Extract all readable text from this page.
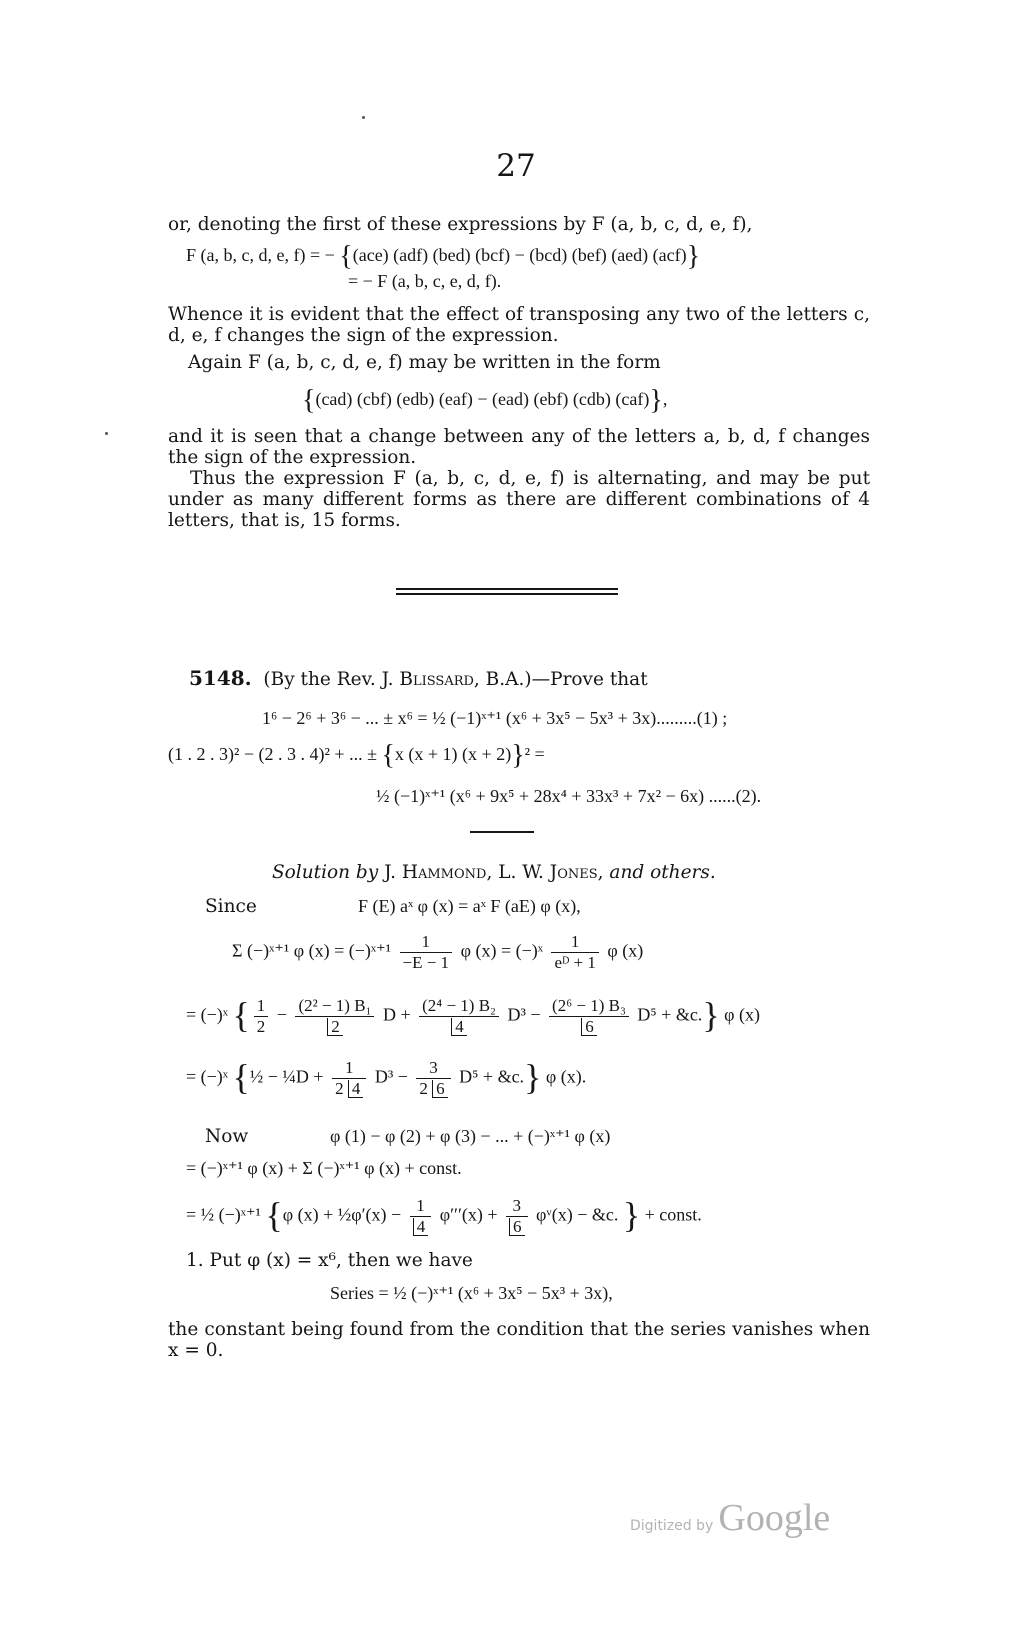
27
or, denoting the first of these expressions by F (a, b, c, d, e, f),
F (a, b, c, d, e, f) = − {(ace) (adf) (bed) (bcf) − (bcd) (bef) (aed) (acf)}
= − F (a, b, c, e, d, f).
Whence it is evident that the effect of transposing any two of the letters c, d, e, f changes the sign of the expression.
Again F (a, b, c, d, e, f) may be written in the form
{(cad) (cbf) (edb) (eaf) − (ead) (ebf) (cdb) (caf)},
and it is seen that a change between any of the letters a, b, d, f changes the sign of the expression.
Thus the expression F (a, b, c, d, e, f) is alternating, and may be put under as many different forms as there are different combinations of 4 letters, that is, 15 forms.
5148. (By the Rev. J. Blissard, B.A.)—Prove that
1⁶ − 2⁶ + 3⁶ − ... ± x⁶ = ½ (−1)ˣ⁺¹ (x⁶ + 3x⁵ − 5x³ + 3x).........(1) ;
(1 . 2 . 3)² − (2 . 3 . 4)² + ... ± {x (x + 1) (x + 2)}² =
½ (−1)ˣ⁺¹ (x⁶ + 9x⁵ + 28x⁴ + 33x³ + 7x² − 6x) ......(2).
Solution by J. Hammond, L. W. Jones, and others.
Since	F (E) aˣ φ (x) = aˣ F (aE) φ (x),
Σ (−)ˣ⁺¹ φ (x) = (−)ˣ⁺¹ $\frac{1}{-E - 1}$ φ (x) = (−)ˣ $\frac{1}{\text{eᴰ + 1}}$ φ (x)
= (−)ˣ { $\frac{1}{2} - \frac{\text{(2² − 1) B₁}}{2}$ $D + \frac{\text{(2⁴ − 1) B₂}}{4} D^3 - \frac{\text{(2⁶ − 1) B₃}}{6} D^5$ + &c.} φ (x)
= (−)ˣ {½ − ¼D + $\frac{1}{2 4} D^3 - \frac{3}{2 6} D^5$ + &c.} φ (x).
Now	φ (1) − φ (2) + φ (3) − ... + (−)ˣ⁺¹ φ (x)
= (−)ˣ⁺¹ φ (x) + Σ (−)ˣ⁺¹ φ (x) + const.
= ½ (−)ˣ⁺¹ {φ (x) + ½φ′(x) − $\frac{1}{4} \varphi'''(x) + \frac{3}{6}$ φᵛ(x) − &c. } + const.
1. Put φ (x) = x⁶, then we have
Series = ½ (−)ˣ⁺¹ (x⁶ + 3x⁵ − 5x³ + 3x),
the constant being found from the condition that the series vanishes when x = 0.
Digitized by Google
